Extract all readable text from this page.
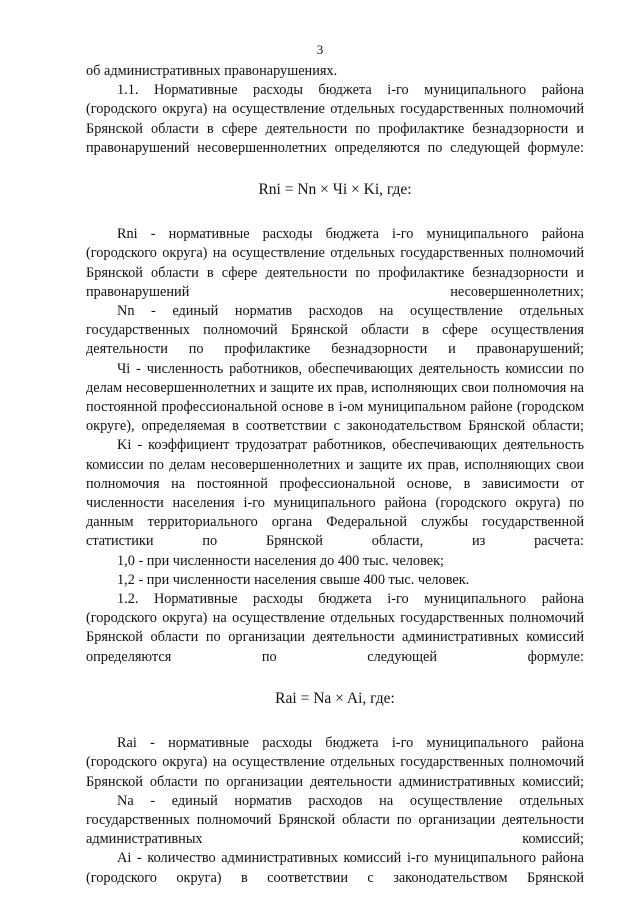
3

об административных правонарушениях.

1.1. Нормативные расходы бюджета i-го муниципального района (городского округа) на осуществление отдельных государственных полномочий Брянской области в сфере деятельности по профилактике безнадзорности и правонарушений несовершеннолетних определяются по следующей формуле:

Rni = Nn × Чi × Ki, где:

Rni - нормативные расходы бюджета i-го муниципального района (городского округа) на осуществление отдельных государственных полномочий Брянской области в сфере деятельности по профилактике безнадзорности и правонарушений несовершеннолетних;

Nn - единый норматив расходов на осуществление отдельных государственных полномочий Брянской области в сфере осуществления деятельности по профилактике безнадзорности и правонарушений;

Чi - численность работников, обеспечивающих деятельность комиссии по делам несовершеннолетних и защите их прав, исполняющих свои полномочия на постоянной профессиональной основе в i-ом муниципальном районе (городском округе), определяемая в соответствии с законодательством Брянской области;

Ki - коэффициент трудозатрат работников, обеспечивающих деятельность комиссии по делам несовершеннолетних и защите их прав, исполняющих свои полномочия на постоянной профессиональной основе, в зависимости от численности населения i-го муниципального района (городского округа) по данным территориального органа Федеральной службы государственной статистики по Брянской области, из расчета:

1,0 - при численности населения до 400 тыс. человек;

1,2 - при численности населения свыше 400 тыс. человек.

1.2. Нормативные расходы бюджета i-го муниципального района (городского округа) на осуществление отдельных государственных полномочий Брянской области по организации деятельности административных комиссий определяются по следующей формуле:

Rai = Na × Ai, где:

Rai - нормативные расходы бюджета i-го муниципального района (городского округа) на осуществление отдельных государственных полномочий Брянской области по организации деятельности административных комиссий;

Na - единый норматив расходов на осуществление отдельных государственных полномочий Брянской области по организации деятельности административных комиссий;

Ai - количество административных комиссий i-го муниципального района (городского округа) в соответствии с законодательством Брянской
